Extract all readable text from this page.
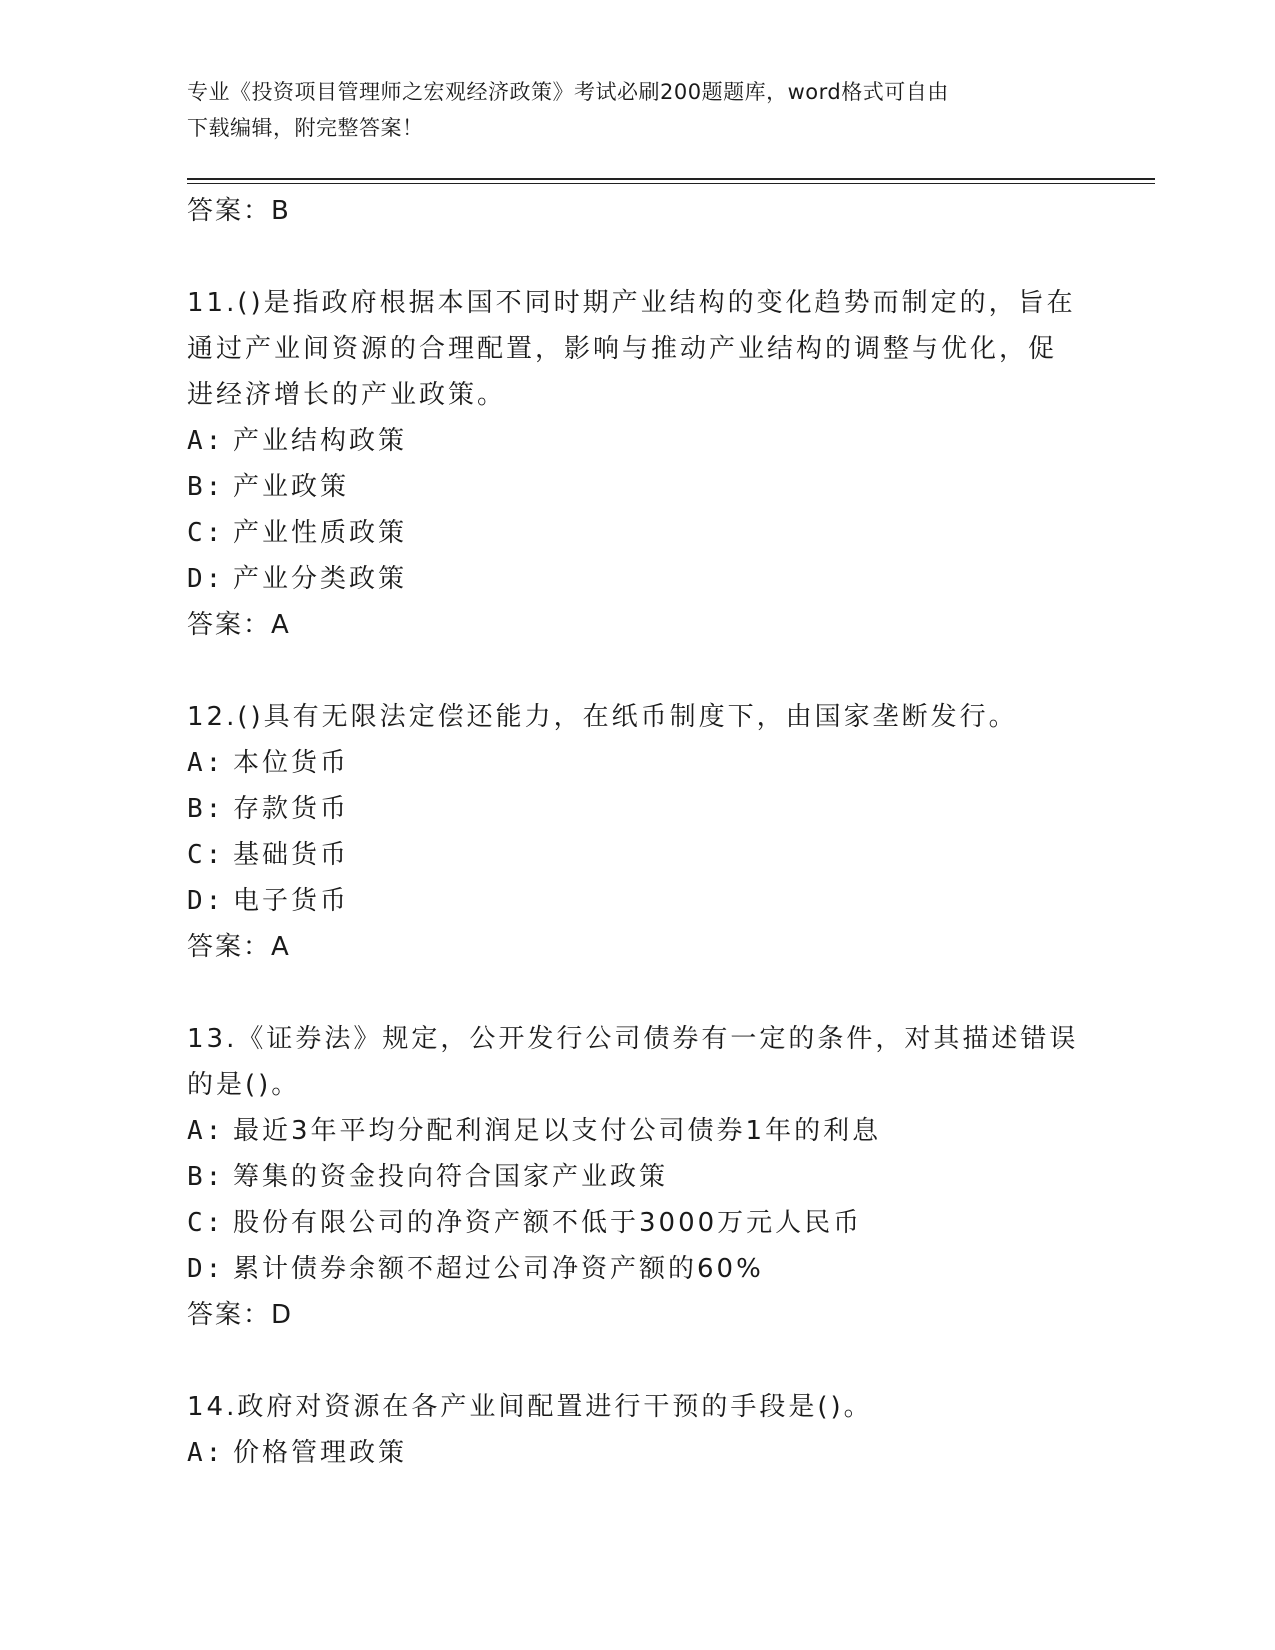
专业《投资项目管理师之宏观经济政策》考试必刷200题题库，word格式可自由
下载编辑，附完整答案！

答案：B

11.()是指政府根据本国不同时期产业结构的变化趋势而制定的，旨在

通过产业间资源的合理配置，影响与推动产业结构的调整与优化，促

进经济增长的产业政策。

A: 产业结构政策

B: 产业政策

C: 产业性质政策

D: 产业分类政策

答案：A

12.()具有无限法定偿还能力，在纸币制度下，由国家垄断发行。

A: 本位货币

B: 存款货币

C: 基础货币

D: 电子货币

答案：A

13.《证券法》规定，公开发行公司债券有一定的条件，对其描述错误

的是()。

A: 最近3年平均分配利润足以支付公司债券1年的利息

B: 筹集的资金投向符合国家产业政策

C: 股份有限公司的净资产额不低于3000万元人民币

D: 累计债券余额不超过公司净资产额的60%

答案：D

14.政府对资源在各产业间配置进行干预的手段是()。

A: 价格管理政策
